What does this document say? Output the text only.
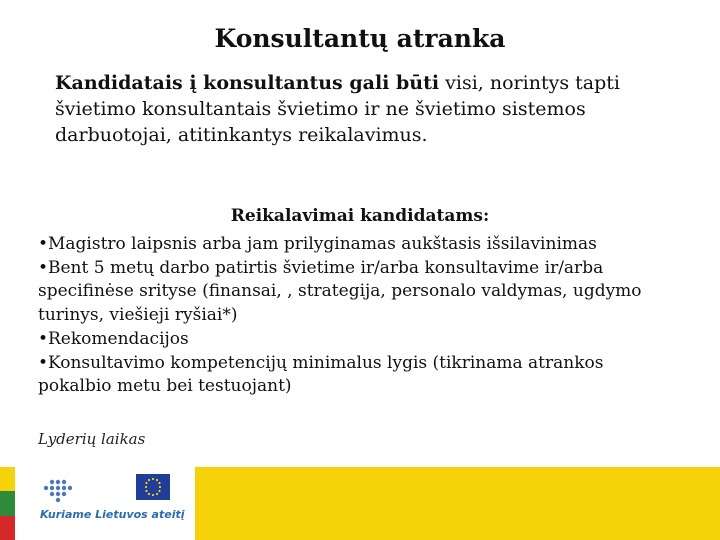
Konsultantų atranka
Kandidatais į konsultantus gali būti visi, norintys tapti švietimo konsultantais švietimo ir ne švietimo sistemos darbuotojai, atitinkantys reikalavimus.
Reikalavimai kandidatams:

•Magistro laipsnis arba jam prilyginamas aukštasis išsilavinimas

•Bent 5 metų darbo patirtis švietime ir/arba konsultavime ir/arba specifinėse srityse (finansai, , strategija, personalo valdymas, ugdymo turinys, viešieji ryšiai*)

•Rekomendacijos

•Konsultavimo kompetencijų minimalus lygis (tikrinama atrankos pokalbio metu bei testuojant)

Lyderių laikas
Kuriame Lietuvos ateitį
